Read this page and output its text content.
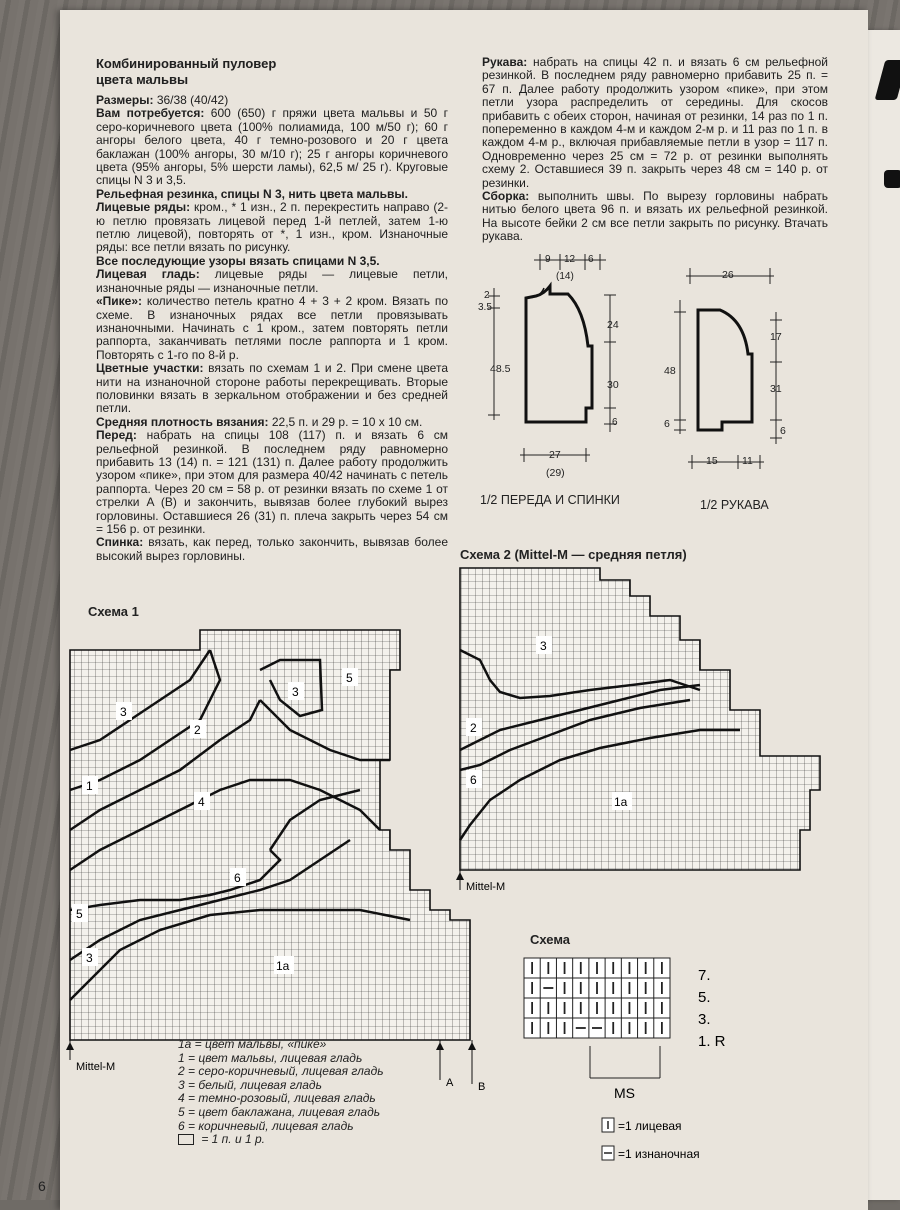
Комбинированный пуловер
цвета мальвы

Размеры: 36/38 (40/42)

Вам потребуется: 600 (650) г пряжи цвета мальвы и 50 г серо-коричневого цвета (100% полиамида, 100 м/50 г); 60 г ангоры белого цвета, 40 г темно-розового и 20 г цвета баклажан (100% ангоры, 30 м/10 г); 25 г ангоры коричневого цвета (95% ангоры, 5% шерсти ламы), 62,5 м/ 25 г). Круговые спицы N 3 и 3,5.

Рельефная резинка, спицы N 3, нить цвета мальвы.

Лицевые ряды: кром., * 1 изн., 2 п. перекрестить направо (2-ю петлю провязать лицевой перед 1-й петлей, затем 1-ю петлю лицевой), повторять от *, 1 изн., кром. Изнаночные ряды: все петли вязать по рисунку.

Все последующие узоры вязать спицами N 3,5.

Лицевая гладь: лицевые ряды — лицевые петли, изнаночные ряды — изнаночные петли.

«Пике»: количество петель кратно 4 + 3 + 2 кром. Вязать по схеме. В изнаночных рядах все петли провязывать изнаночными. Начинать с 1 кром., затем повторять петли раппорта, заканчивать петлями после раппорта и 1 кром. Повторять с 1-го по 8-й р.

Цветные участки: вязать по схемам 1 и 2. При смене цвета нити на изнаночной стороне работы перекрещивать. Вторые половинки вязать в зеркальном отображении и без средней петли.

Средняя плотность вязания: 22,5 п. и 29 р. = 10 x 10 см.

Перед: набрать на спицы 108 (117) п. и вязать 6 см рельефной резинкой. В последнем ряду равномерно прибавить 13 (14) п. = 121 (131) п. Далее работу продолжить узором «пике», при этом для размера 40/42 начинать с петель раппорта. Через 20 см = 58 р. от резинки вязать по схеме 1 от стрелки A (B) и закончить, вывязав более глубокий вырез горловины. Оставшиеся 26 (31) п. плеча закрыть через 54 см = 156 р. от резинки.

Спинка: вязать, как перед, только закончить, вывязав более высокий вырез горловины.

Рукава: набрать на спицы 42 п. и вязать 6 см рельефной резинкой. В последнем ряду равномерно прибавить 25 п. = 67 п. Далее работу продолжить узором «пике», при этом петли узора распределить от середины. Для скосов прибавить с обеих сторон, начиная от резинки, 14 раз по 1 п. попеременно в каждом 4-м и каждом 2-м р. и 11 раз по 1 п. в каждом 4-м р., включая прибавляемые петли в узор = 117 п. Одновременно через 25 см = 72 р. от резинки выполнять схему 2. Оставшиеся 39 п. закрыть через 48 см = 140 р. от резинки.

Сборка: выполнить швы. По вырезу горловины набрать нитью белого цвета 96 п. и вязать их рельефной резинкой. На высоте бейки 2 см все петли закрыть по рисунку. Втачать рукава.

9 12 6
(14)
2
3.5
48.5
24
30
6
27
(29)
1/2 ПЕРЕДА И СПИНКИ
26
48
6
17
31
6
15 11
1/2 РУКАВА
Схема 2 (Mittel-M — средняя петля)
3
2
6
1a
Mittel-M
Схема 1
3
3
5
2
1
4
6
5
3
1a
Mittel-M
A B
1a = цвет мальвы, «пике»
1 = цвет мальвы, лицевая гладь
2 = серо-коричневый, лицевая гладь
3 = белый, лицевая гладь
4 = темно-розовый, лицевая гладь
5 = цвет баклажана, лицевая гладь
6 = коричневый, лицевая гладь
= 1 п. и 1 р.
Схема
MS
7.
5.
3.
1. R
=1 лицевая
=1 изнаночная
6
